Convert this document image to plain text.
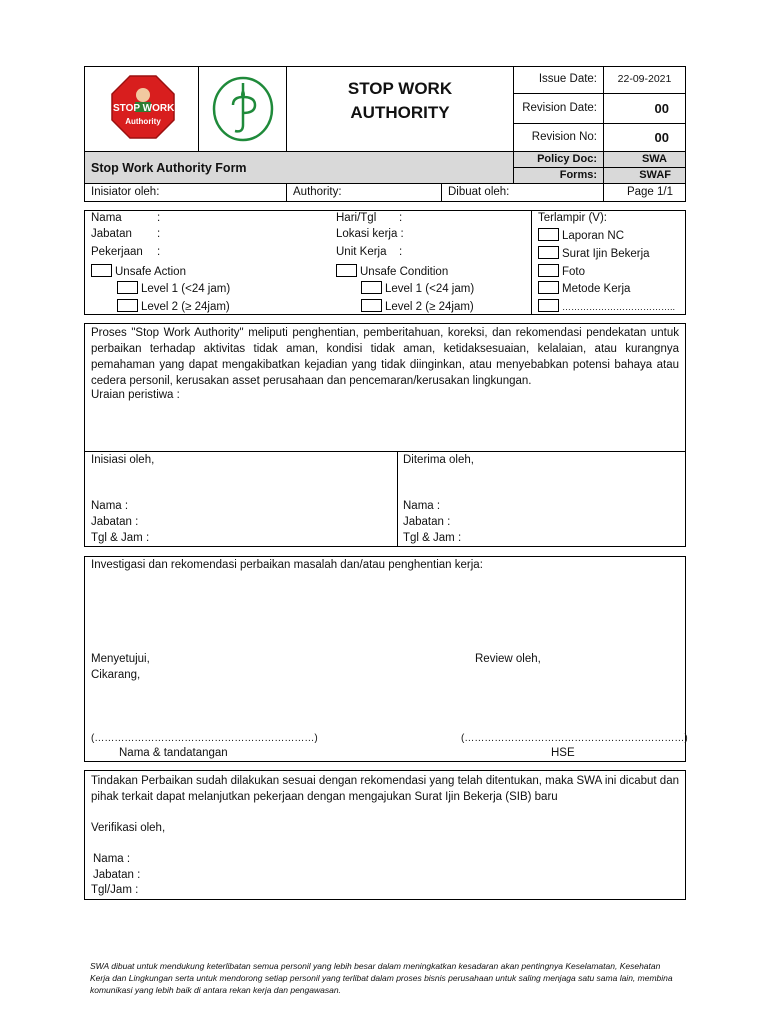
STOP WORK
Authority
STOP WORK
AUTHORITY
Issue Date:	22-09-2021
Revision Date:	00
Revision No:	00
Stop Work Authority Form
Policy Doc:	SWA
Forms:	SWAF
Inisiator oleh:	Authority:	Dibuat oleh:	Page 1/1
Nama	:
Jabatan :
Pekerjaan :
Hari/Tgl :
Lokasi kerja :
Unit Kerja :
Unsafe Action
Level 1 (<24 jam)
Level 2 (≥ 24jam)
Unsafe Condition
Level 1 (<24 jam)
Level 2 (≥ 24jam)
Terlampir (V):
Laporan NC
Surat Ijin Bekerja
Foto
Metode Kerja
………………………………..
Proses "Stop Work Authority" meliputi penghentian, pemberitahuan, koreksi, dan rekomendasi pendekatan untuk perbaikan terhadap aktivitas tidak aman, kondisi tidak aman, ketidaksesuaian, kelalaian, atau kurangnya pemahaman yang dapat mengakibatkan kejadian yang tidak diinginkan, atau menyebabkan potensi bahaya atau cedera personil, kerusakan asset perusahaan dan pencemaran/kerusakan lingkungan.
Uraian peristiwa :
Inisiasi oleh,
Nama :
Jabatan :
Tgl & Jam :
Diterima oleh,
Nama :
Jabatan :
Tgl & Jam :
Investigasi dan rekomendasi perbaikan masalah dan/atau penghentian kerja:
Menyetujui,
Cikarang,
Review oleh,
(…………………………………………………………)	(…………………………………………………………)
Nama & tandatangan	HSE
Tindakan Perbaikan sudah dilakukan sesuai dengan rekomendasi yang telah ditentukan, maka SWA ini dicabut dan pihak terkait dapat melanjutkan pekerjaan dengan mengajukan Surat Ijin Bekerja (SIB) baru
Verifikasi oleh,
Nama :
Jabatan :
Tgl/Jam :
SWA dibuat untuk mendukung keterlibatan semua personil yang lebih besar dalam meningkatkan kesadaran akan pentingnya Keselamatan, Kesehatan Kerja dan Lingkungan serta untuk mendorong setiap personil yang terlibat dalam proses bisnis perusahaan untuk saling menjaga satu sama lain, membina komunikasi yang lebih baik di antara rekan kerja dan pengawasan.
